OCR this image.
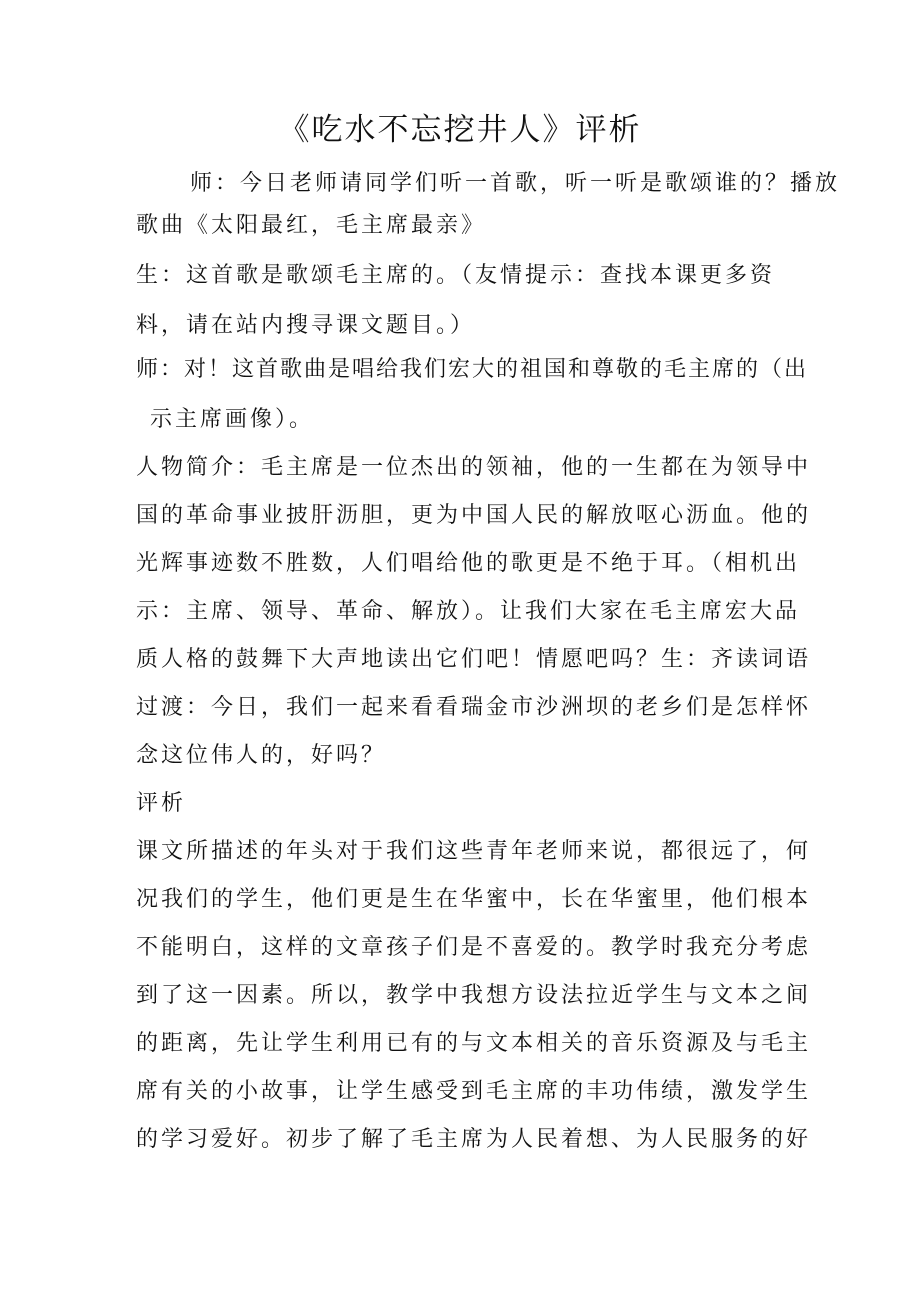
《吃水不忘挖井人》评析
师：今日老师请同学们听一首歌，听一听是歌颂谁的？播放
歌曲《太阳最红，毛主席最亲》
生：这首歌是歌颂毛主席的。（友情提示：查找本课更多资
料，请在站内搜寻课文题目。）
师：对！这首歌曲是唱给我们宏大的祖国和尊敬的毛主席的（出
示主席画像）。
人物简介：毛主席是一位杰出的领袖，他的一生都在为领导中
国的革命事业披肝沥胆，更为中国人民的解放呕心沥血。他的
光辉事迹数不胜数，人们唱给他的歌更是不绝于耳。（相机出
示：主席、领导、革命、解放）。让我们大家在毛主席宏大品
质人格的鼓舞下大声地读出它们吧！情愿吧吗？生：齐读词语
过渡：今日，我们一起来看看瑞金市沙洲坝的老乡们是怎样怀
念这位伟人的，好吗？
评析
课文所描述的年头对于我们这些青年老师来说，都很远了，何
况我们的学生，他们更是生在华蜜中，长在华蜜里，他们根本
不能明白，这样的文章孩子们是不喜爱的。教学时我充分考虑
到了这一因素。所以，教学中我想方设法拉近学生与文本之间
的距离，先让学生利用已有的与文本相关的音乐资源及与毛主
席有关的小故事，让学生感受到毛主席的丰功伟绩，激发学生
的学习爱好。初步了解了毛主席为人民着想、为人民服务的好
